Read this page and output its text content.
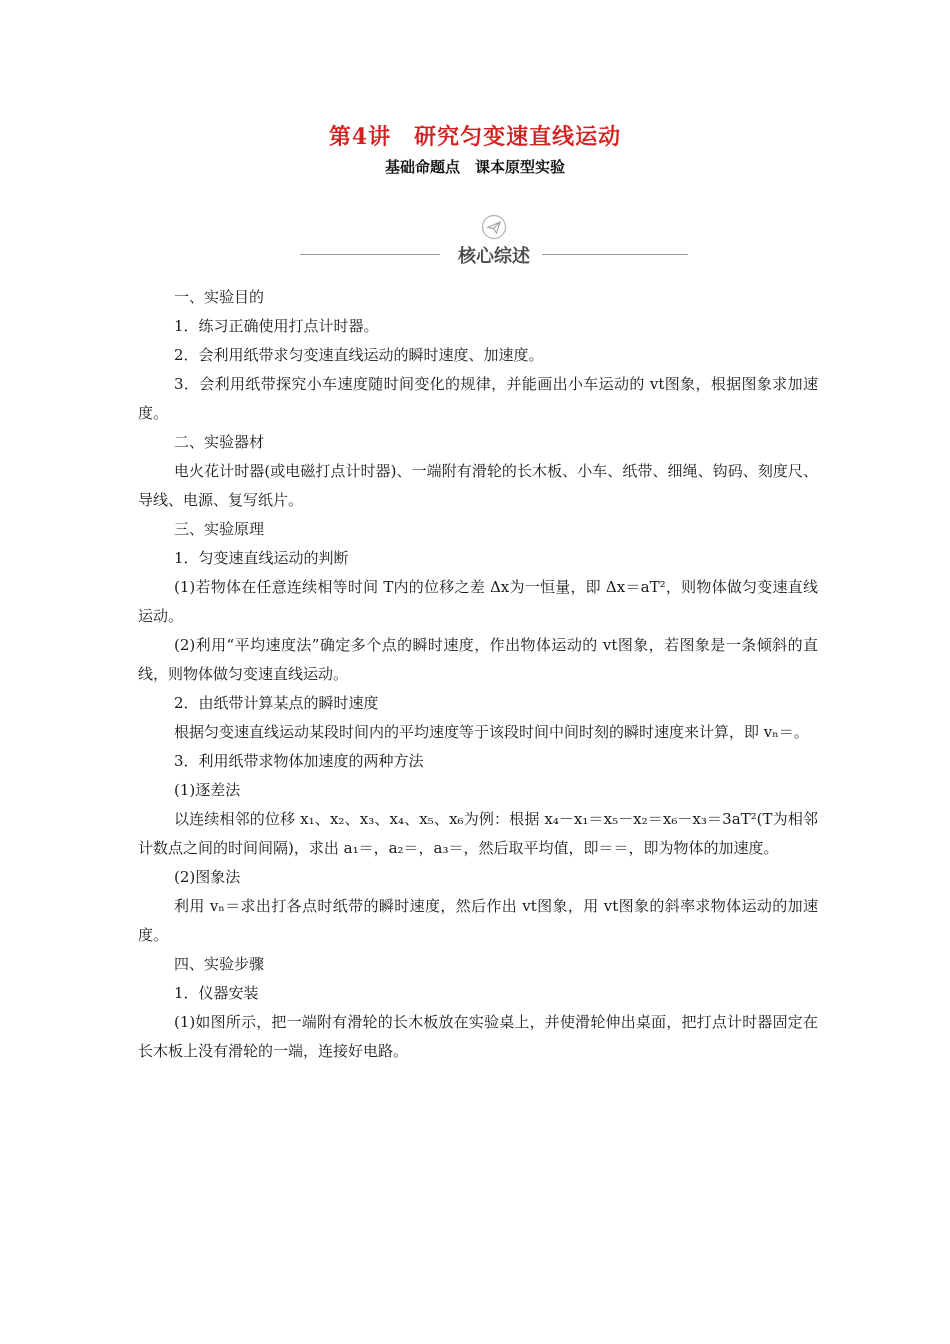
第4讲　研究匀变速直线运动
基础命题点　课本原型实验
核心综述

一、实验目的

1．练习正确使用打点计时器。

2．会利用纸带求匀变速直线运动的瞬时速度、加速度。

3．会利用纸带探究小车速度随时间变化的规律，并能画出小车运动的 vt图象，根据图象求加速度。

二、实验器材

电火花计时器(或电磁打点计时器)、一端附有滑轮的长木板、小车、纸带、细绳、钩码、刻度尺、导线、电源、复写纸片。

三、实验原理

1．匀变速直线运动的判断

(1)若物体在任意连续相等时间 T内的位移之差 Δx为一恒量，即 Δx＝aT²，则物体做匀变速直线运动。

(2)利用“平均速度法”确定多个点的瞬时速度，作出物体运动的 vt图象，若图象是一条倾斜的直线，则物体做匀变速直线运动。

2．由纸带计算某点的瞬时速度

根据匀变速直线运动某段时间内的平均速度等于该段时间中间时刻的瞬时速度来计算，即 vₙ＝。

3．利用纸带求物体加速度的两种方法

(1)逐差法

以连续相邻的位移 x₁、x₂、x₃、x₄、x₅、x₆为例：根据 x₄－x₁＝x₅－x₂＝x₆－x₃＝3aT²(T为相邻计数点之间的时间间隔)，求出 a₁＝，a₂＝，a₃＝，然后取平均值，即＝＝，即为物体的加速度。

(2)图象法

利用 vₙ＝求出打各点时纸带的瞬时速度，然后作出 vt图象，用 vt图象的斜率求物体运动的加速度。

四、实验步骤

1．仪器安装

(1)如图所示，把一端附有滑轮的长木板放在实验桌上，并使滑轮伸出桌面，把打点计时器固定在长木板上没有滑轮的一端，连接好电路。
